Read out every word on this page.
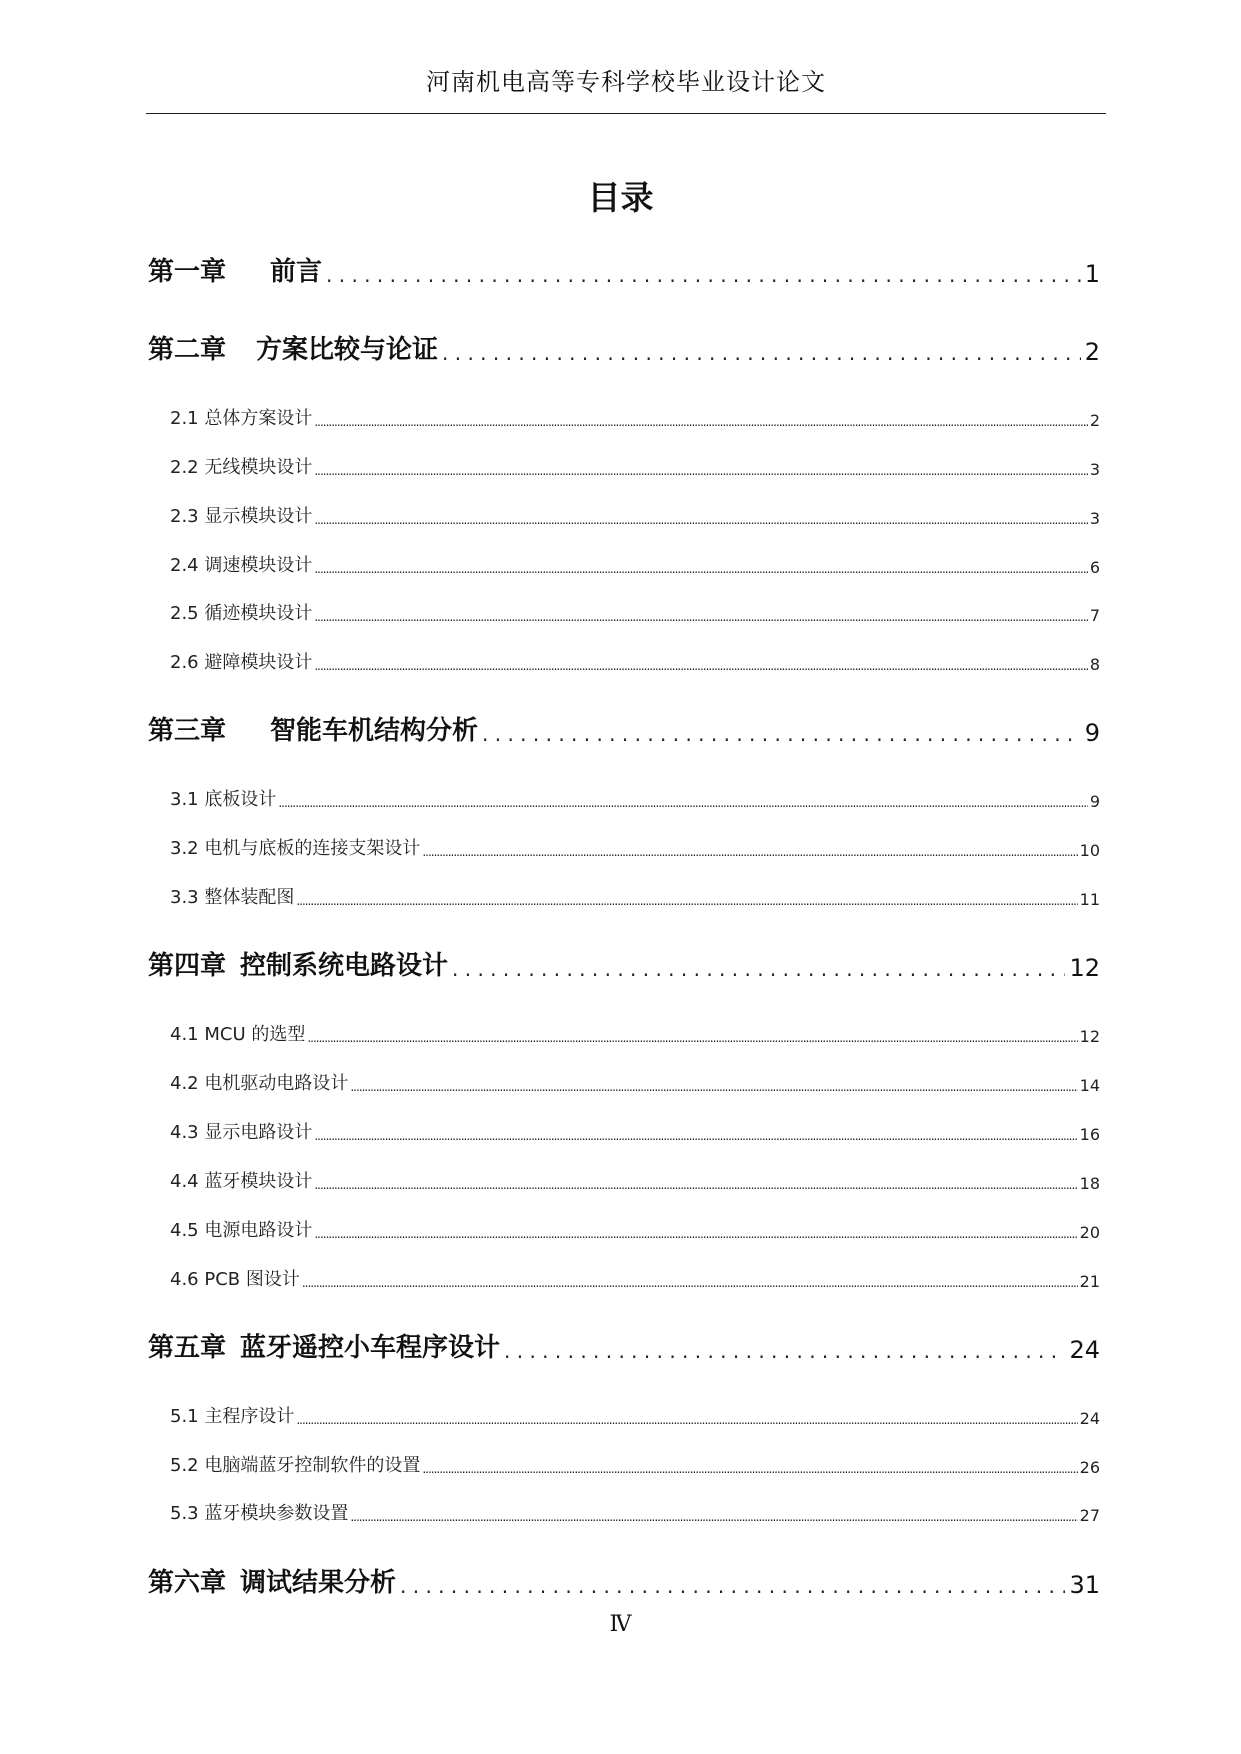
河南机电高等专科学校毕业设计论文
目录
第一章 前言 . . .	1
第二章 方案比较与论证 . . .	2
2.1 总体方案设计 .....	2
2.2 无线模块设计 .....	3
2.3 显示模块设计 .....	3
2.4 调速模块设计 .....	6
2.5 循迹模块设计 .....	7
2.6 避障模块设计 .....	8
第三章 智能车机结构分析 . . .	9
3.1 底板设计 .....	9
3.2 电机与底板的连接支架设计 .....	10
3.3 整体装配图 .....	11
第四章 控制系统电路设计 . . .	12
4.1 MCU 的选型 .....	12
4.2 电机驱动电路设计 .....	14
4.3 显示电路设计 .....	16
4.4 蓝牙模块设计 .....	18
4.5 电源电路设计 .....	20
4.6 PCB 图设计 .....	21
第五章 蓝牙遥控小车程序设计 . . .	24
5.1 主程序设计 .....	24
5.2 电脑端蓝牙控制软件的设置 .....	26
5.3 蓝牙模块参数设置 .....	27
第六章 调试结果分析 . . .	31
Ⅳ
